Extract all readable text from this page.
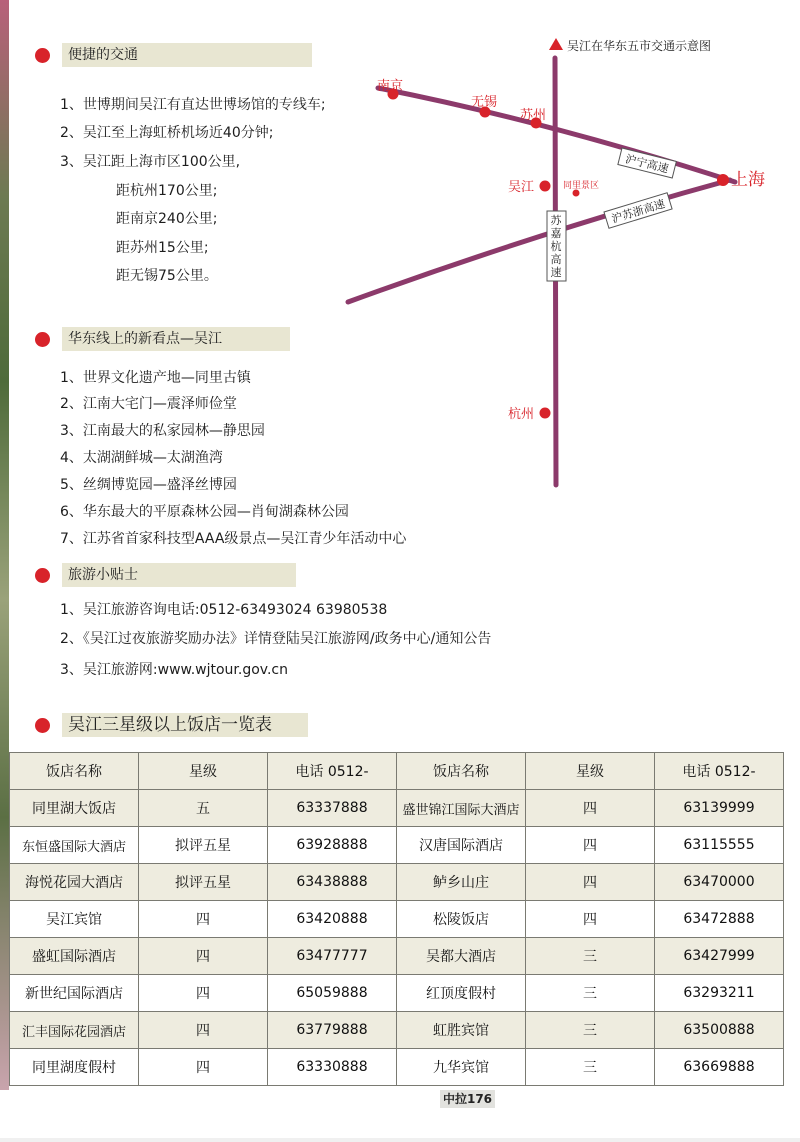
便捷的交通
1、世博期间吴江有直达世博场馆的专线车;
2、吴江至上海虹桥机场近40分钟;
3、吴江距上海市区100公里,
距杭州170公里;
距南京240公里;
距苏州15公里;
距无锡75公里。
华东线上的新看点—吴江
1、世界文化遗产地—同里古镇
2、江南大宅门—震泽师俭堂
3、江南最大的私家园林—静思园
4、太湖湖鲜城—太湖渔湾
5、丝绸博览园—盛泽丝博园
6、华东最大的平原森林公园—肖甸湖森林公园
7、江苏省首家科技型AAA级景点—吴江青少年活动中心
旅游小贴士
1、吴江旅游咨询电话:0512-63493024 63980538
2、《吴江过夜旅游奖励办法》详情登陆吴江旅游网/政务中心/通知公告
3、吴江旅游网:www.wjtour.gov.cn
吴江三星级以上饭店一览表
吴江在华东五市交通示意图
沪宁高速
沪苏浙高速
苏
嘉
杭
高
速
南京
无锡
苏州
吴江	同里景区	上海
杭州
饭店名称	星级	电话 0512-	饭店名称	星级	电话 0512-
同里湖大饭店	五	63337888	盛世锦江国际大酒店	四	63139999
东恒盛国际大酒店	拟评五星	63928888	汉唐国际酒店	四	63115555
海悦花园大酒店	拟评五星	63438888	鲈乡山庄	四	63470000
吴江宾馆	四	63420888	松陵饭店	四	63472888
盛虹国际酒店	四	63477777	吴都大酒店	三	63427999
新世纪国际酒店	四	65059888	红顶度假村	三	63293211
汇丰国际花园酒店	四	63779888	虹胜宾馆	三	63500888
同里湖度假村	四	63330888	九华宾馆	三	63669888
中拉176
